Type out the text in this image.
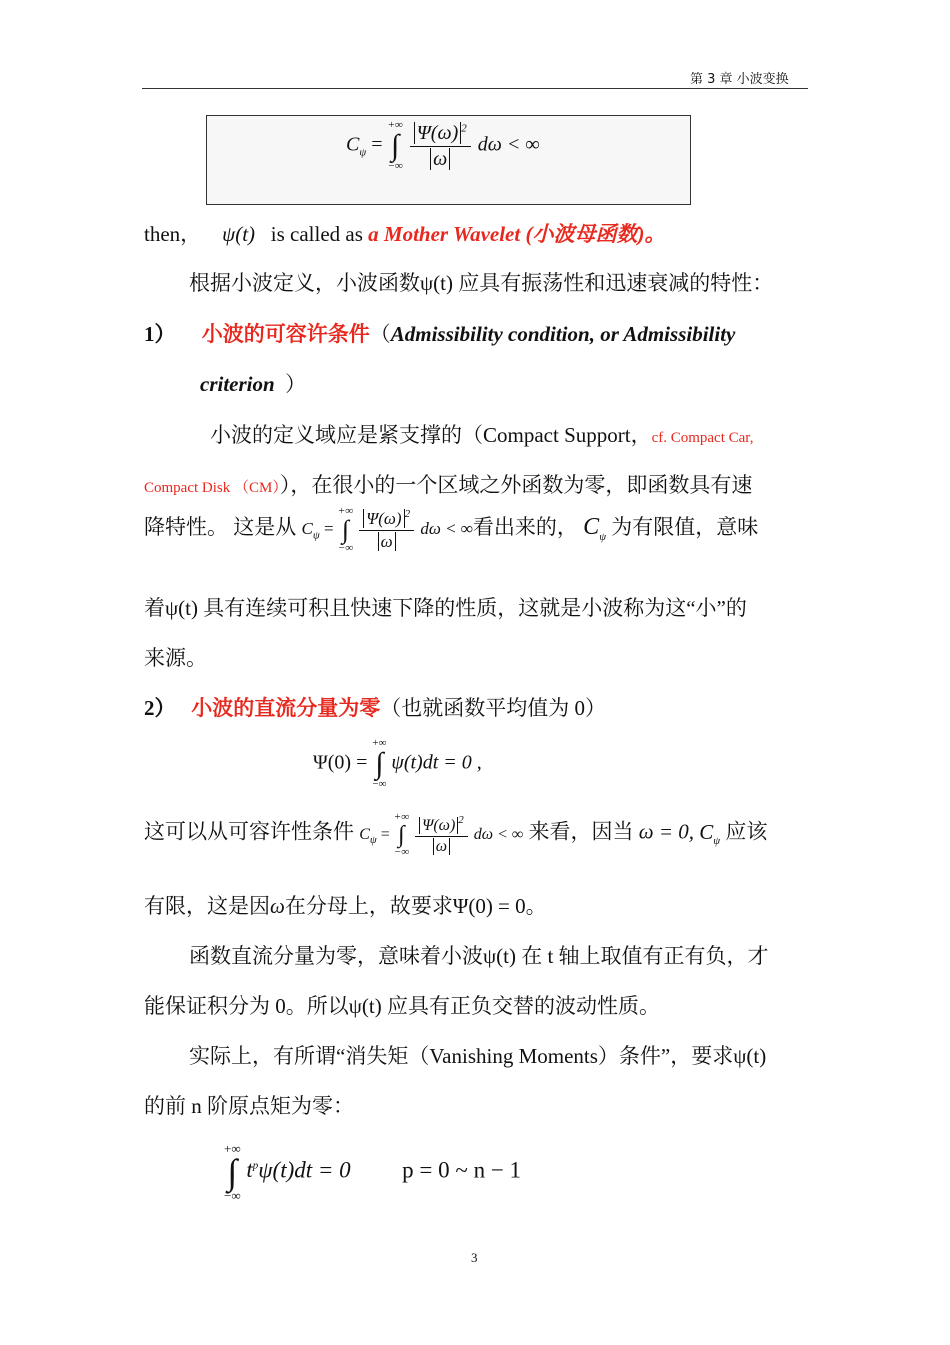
第 3 章 小波变换
$C_\psi$ =
+∞
∫
−∞
$\frac{\Psi(\omega) ^2}{\omega}$ dω < ∞
then， ψ(t) is called as a Mother Wavelet (小波母函数)。
根据小波定义，小波函数ψ(t) 应具有振荡性和迅速衰减的特性：
1） 小波的可容许条件（Admissibility condition, or Admissibility
criterion ）
小波的定义域应是紧支撑的（Compact Support，cf. Compact Car,
Compact Disk （CM）），在很小的一个区域之外函数为零，即函数具有速
降特性。 这是从 $C_\psi$ =
+∞
∫
−∞
$\frac{\Psi(\omega) ^2}{\omega}$ dω < ∞看出来的， $C_\psi$ 为有限值，意味
着ψ(t) 具有连续可积且快速下降的性质，这就是小波称为这“小”的
来源。
2） 小波的直流分量为零（也就函数平均值为 0）
Ψ(0) =
+∞
∫
−∞
ψ(t)dt = 0 ,
这可以从可容许性条件 $C_\psi$ =
+∞
∫
−∞
$\frac{\Psi(\omega) ^2}{\omega}$ dω < ∞ 来看，因当 ω = 0, $C_\psi$ 应该
有限，这是因ω在分母上，故要求Ψ(0) = 0。
函数直流分量为零，意味着小波ψ(t) 在 t 轴上取值有正有负，才
能保证积分为 0。所以ψ(t) 应具有正负交替的波动性质。
实际上，有所谓“消失矩（Vanishing Moments）条件”，要求ψ(t)
的前 n 阶原点矩为零：
+∞
∫
−∞
$t^p\psi(t)dt = 0$ p = 0 ~ n − 1
3
